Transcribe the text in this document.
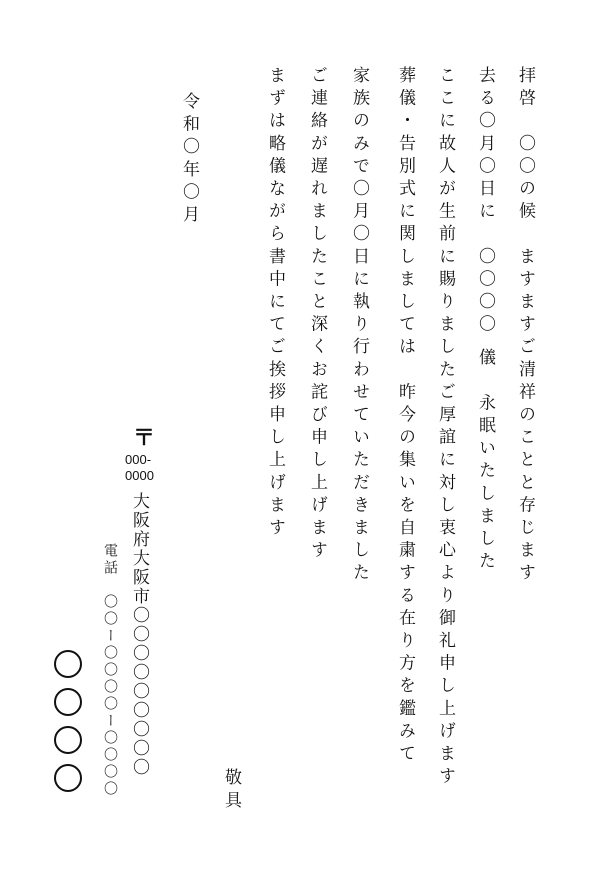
拝啓　〇〇の候　ますますご清祥のことと存じます
去る〇月〇日に　〇〇〇〇 儀　永眠いたしました
ここに故人が生前に賜りましたご厚誼に対し衷心より御礼申し上げます
葬儀・告別式に関しましては　昨今の集いを自粛する在り方を鑑みて
家族のみで〇月〇日に執り行わせていただきました
ご連絡が遅れましたこと深くお詫び申し上げます
まずは略儀ながら書中にてご挨拶申し上げます
令和〇年〇月
〒
000-0000
大阪府大阪市〇〇〇〇〇〇〇〇〇
電話　〇〇ー〇〇〇〇ー〇〇〇〇	敬具
